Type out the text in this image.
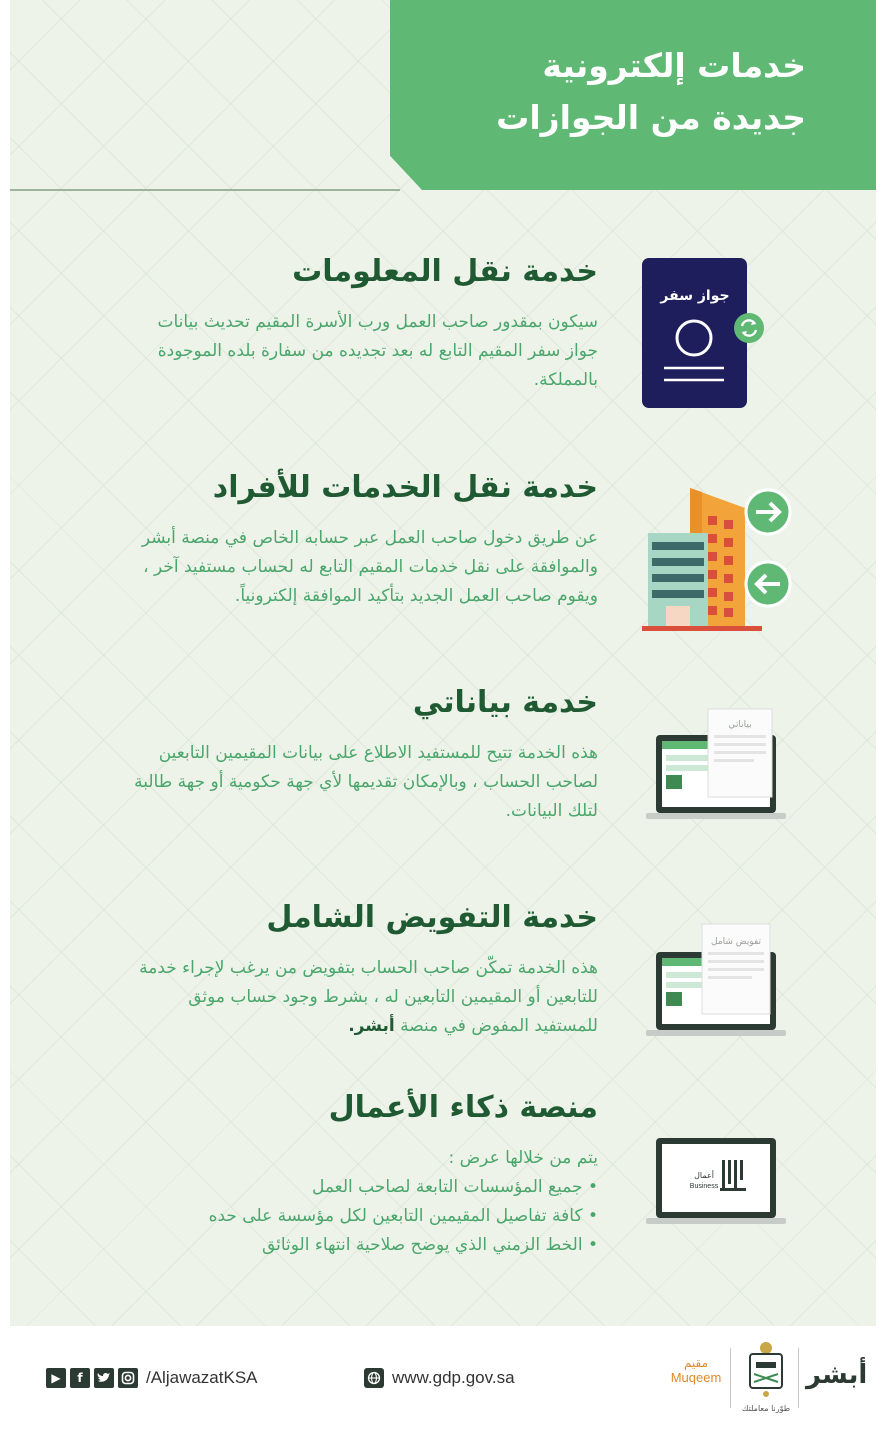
خدمات إلكترونية
جديدة من الجوازات
خدمة نقل المعلومات
سيكون بمقدور صاحب العمل ورب الأسرة المقيم تحديث بيانات جواز سفر المقيم التابع له بعد تجديده من سفارة بلده الموجودة بالمملكة.
جواز سفر
خدمة نقل الخدمات للأفراد
عن طريق دخول صاحب العمل عبر حسابه الخاص في منصة أبشر والموافقة على نقل خدمات المقيم التابع له لحساب مستفيد آخر ، ويقوم صاحب العمل الجديد بتأكيد الموافقة إلكترونياً.
خدمة بياناتي
هذه الخدمة تتيح للمستفيد الاطلاع على بيانات المقيمين التابعين لصاحب الحساب ، وبالإمكان تقديمها لأي جهة حكومية أو جهة طالبة لتلك البيانات.
بياناتي
خدمة التفويض الشامل
هذه الخدمة تمكّن صاحب الحساب بتفويض من يرغب لإجراء خدمة للتابعين أو المقيمين التابعين له ، بشرط وجود حساب موثق للمستفيد المفوض في منصة أبشر.
تفويض شامل
منصة ذكاء الأعمال
يتم من خلالها عرض :
• جميع المؤسسات التابعة لصاحب العمل
• كافة تفاصيل المقيمين التابعين لكل مؤسسة على حده
• الخط الزمني الذي يوضح صلاحية انتهاء الوثائق
أعمال
Business
▶	f	/AljawazatKSA	www.gdp.gov.sa
مقيم
Muqeem
طوّرنا معاملتك
أبشر
